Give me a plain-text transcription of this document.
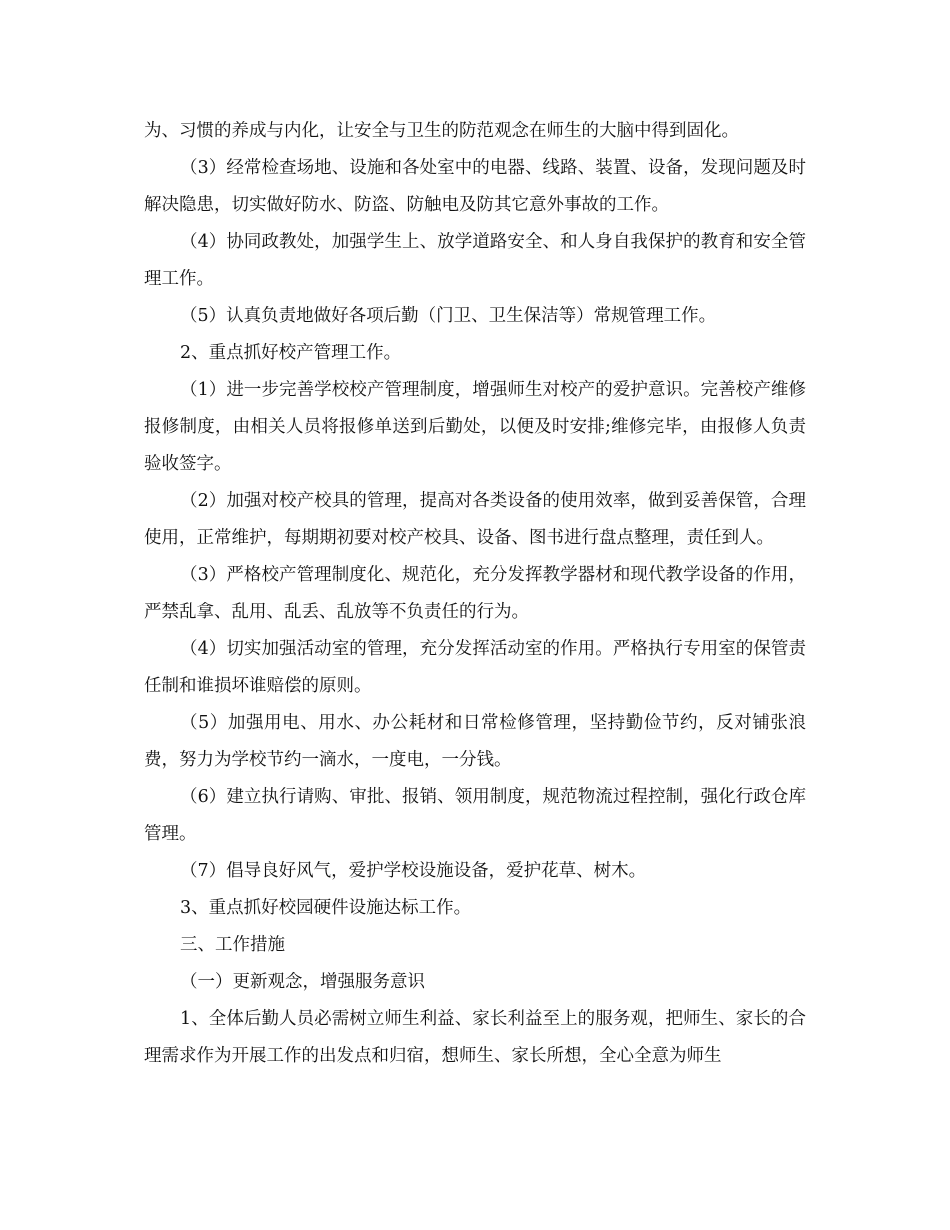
为、习惯的养成与内化，让安全与卫生的防范观念在师生的大脑中得到固化。

（3）经常检查场地、设施和各处室中的电器、线路、装置、设备，发现问题及时解决隐患，切实做好防水、防盗、防触电及防其它意外事故的工作。

（4）协同政教处，加强学生上、放学道路安全、和人身自我保护的教育和安全管理工作。

（5）认真负责地做好各项后勤（门卫、卫生保洁等）常规管理工作。

2、重点抓好校产管理工作。

（1）进一步完善学校校产管理制度，增强师生对校产的爱护意识。完善校产维修报修制度，由相关人员将报修单送到后勤处，以便及时安排;维修完毕，由报修人负责验收签字。

（2）加强对校产校具的管理，提高对各类设备的使用效率，做到妥善保管，合理使用，正常维护，每期期初要对校产校具、设备、图书进行盘点整理，责任到人。

（3）严格校产管理制度化、规范化，充分发挥教学器材和现代教学设备的作用，严禁乱拿、乱用、乱丢、乱放等不负责任的行为。

（4）切实加强活动室的管理，充分发挥活动室的作用。严格执行专用室的保管责任制和谁损坏谁赔偿的原则。

（5）加强用电、用水、办公耗材和日常检修管理，坚持勤俭节约，反对铺张浪费，努力为学校节约一滴水，一度电，一分钱。

（6）建立执行请购、审批、报销、领用制度，规范物流过程控制，强化行政仓库管理。

（7）倡导良好风气，爱护学校设施设备，爱护花草、树木。

3、重点抓好校园硬件设施达标工作。

三、工作措施

（一）更新观念，增强服务意识

1、全体后勤人员必需树立师生利益、家长利益至上的服务观，把师生、家长的合理需求作为开展工作的出发点和归宿，想师生、家长所想，全心全意为师生
